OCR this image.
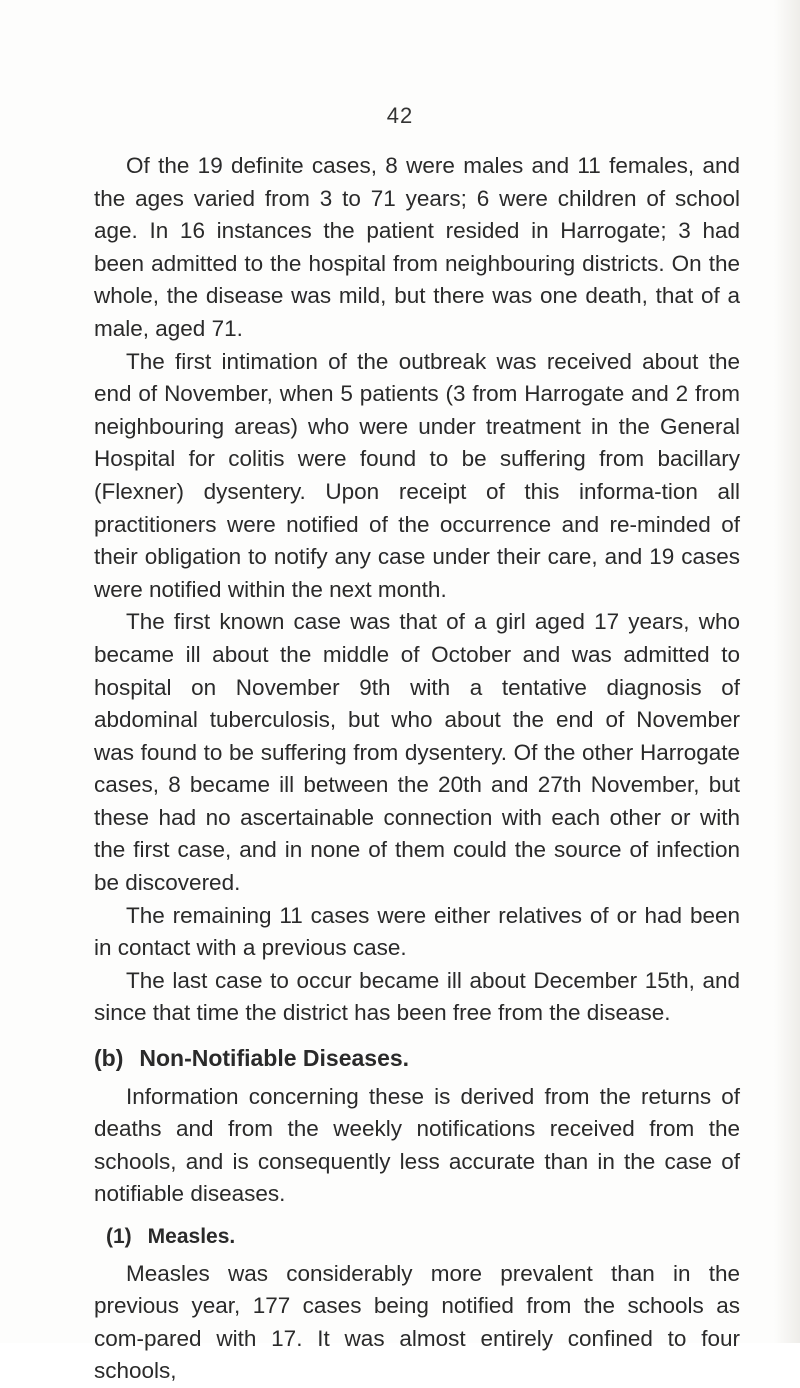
42

Of the 19 definite cases, 8 were males and 11 females, and the ages varied from 3 to 71 years; 6 were children of school age. In 16 instances the patient resided in Harrogate; 3 had been admitted to the hospital from neighbouring districts. On the whole, the disease was mild, but there was one death, that of a male, aged 71.

The first intimation of the outbreak was received about the end of November, when 5 patients (3 from Harrogate and 2 from neighbouring areas) who were under treatment in the General Hospital for colitis were found to be suffering from bacillary (Flexner) dysentery. Upon receipt of this informa-tion all practitioners were notified of the occurrence and re-minded of their obligation to notify any case under their care, and 19 cases were notified within the next month.

The first known case was that of a girl aged 17 years, who became ill about the middle of October and was admitted to hospital on November 9th with a tentative diagnosis of abdominal tuberculosis, but who about the end of November was found to be suffering from dysentery. Of the other Harrogate cases, 8 became ill between the 20th and 27th November, but these had no ascertainable connection with each other or with the first case, and in none of them could the source of infection be discovered.

The remaining 11 cases were either relatives of or had been in contact with a previous case.

The last case to occur became ill about December 15th, and since that time the district has been free from the disease.

(b) Non-Notifiable Diseases.

Information concerning these is derived from the returns of deaths and from the weekly notifications received from the schools, and is consequently less accurate than in the case of notifiable diseases.

(1) Measles.

Measles was considerably more prevalent than in the previous year, 177 cases being notified from the schools as com-pared with 17. It was almost entirely confined to four schools,
